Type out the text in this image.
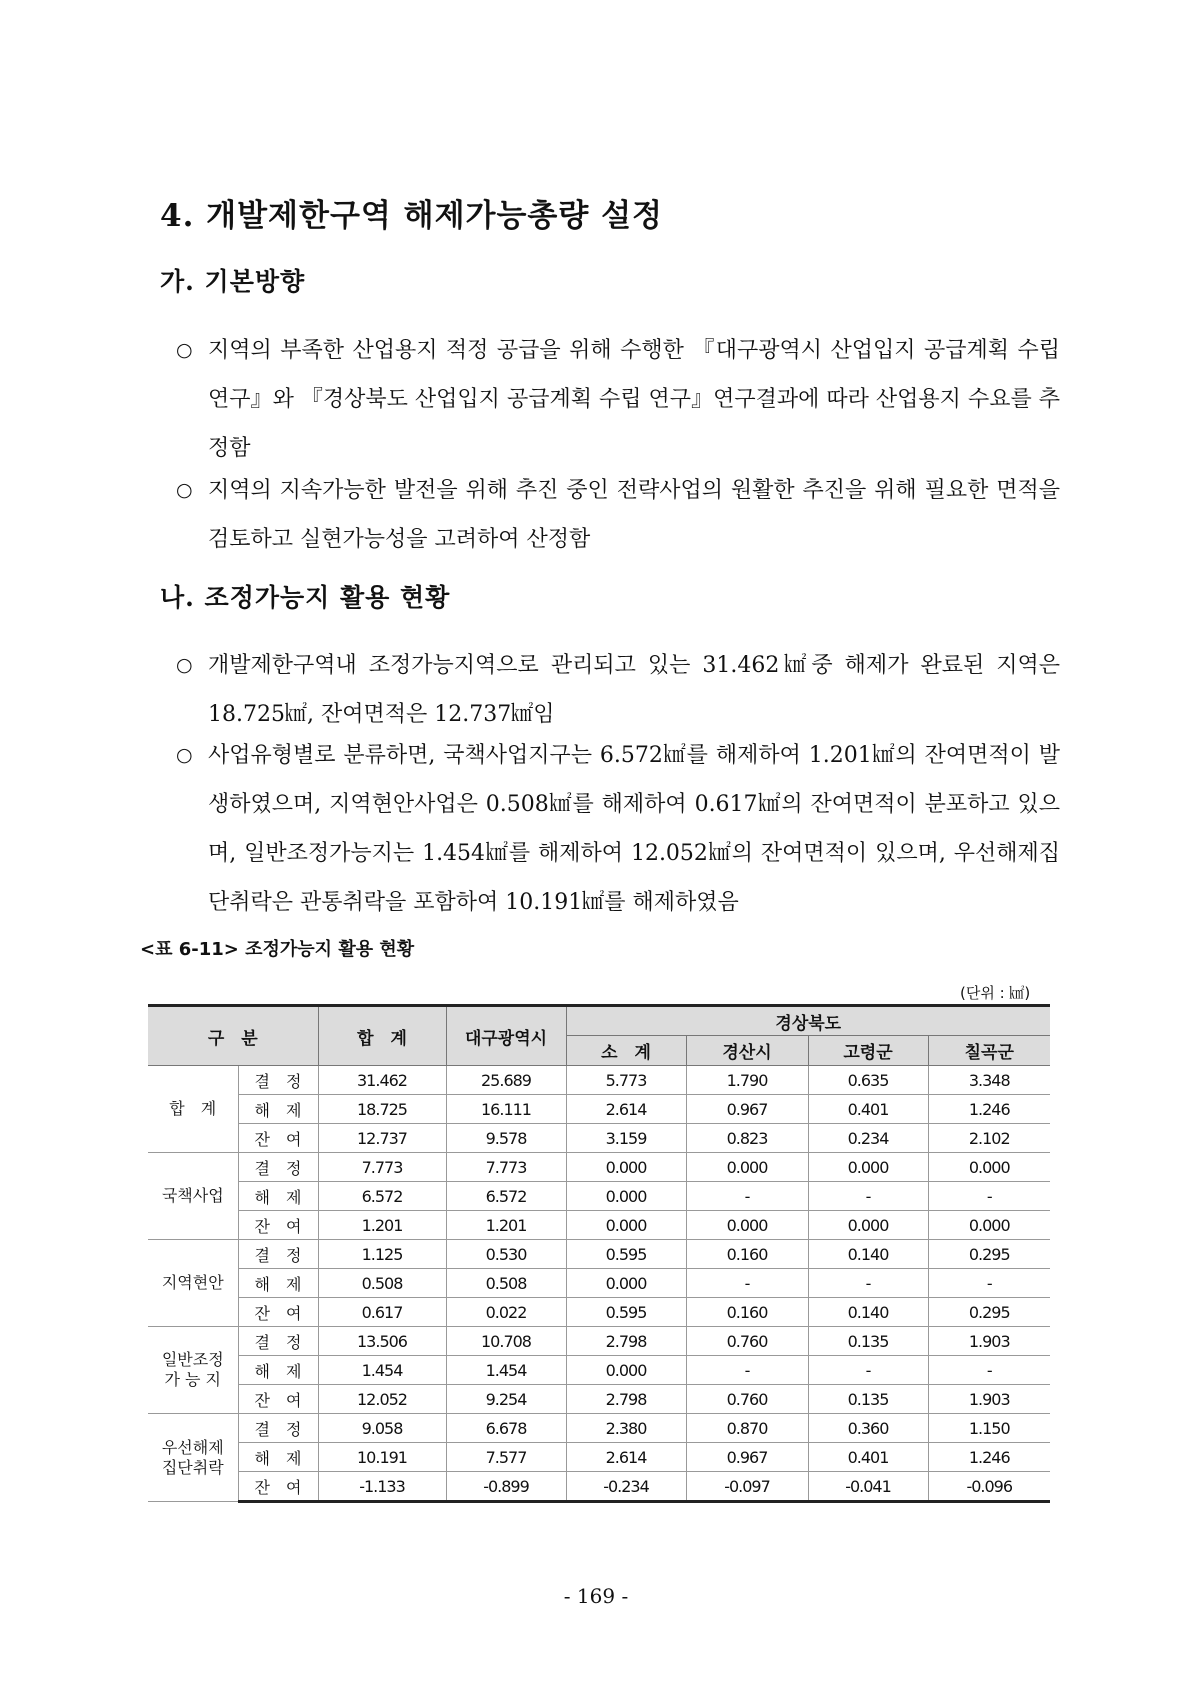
4. 개발제한구역 해제가능총량 설정
가. 기본방향

○ 지역의 부족한 산업용지 적정 공급을 위해 수행한 『대구광역시 산업입지 공급계획 수립 연구』와 『경상북도 산업입지 공급계획 수립 연구』연구결과에 따라 산업용지 수요를 추정함

○ 지역의 지속가능한 발전을 위해 추진 중인 전략사업의 원활한 추진을 위해 필요한 면적을 검토하고 실현가능성을 고려하여 산정함

나. 조정가능지 활용 현황

○ 개발제한구역내 조정가능지역으로 관리되고 있는 31.462㎢중 해제가 완료된 지역은 18.725㎢, 잔여면적은 12.737㎢임

○ 사업유형별로 분류하면, 국책사업지구는 6.572㎢를 해제하여 1.201㎢의 잔여면적이 발생하였으며, 지역현안사업은 0.508㎢를 해제하여 0.617㎢의 잔여면적이 분포하고 있으며, 일반조정가능지는 1.454㎢를 해제하여 12.052㎢의 잔여면적이 있으며, 우선해제집단취락은 관통취락을 포함하여 10.191㎢를 해제하였음

<표 6-11> 조정가능지 활용 현황
(단위 : ㎢)
구　분		합　계	대구광역시	경상북도			
				소　계	경산시	고령군	칠곡군
합　계	결　정	31.462	25.689	5.773	1.790	0.635	3.348
	해　제	18.725	16.111	2.614	0.967	0.401	1.246
	잔　여	12.737	9.578	3.159	0.823	0.234	2.102
국책사업	결　정	7.773	7.773	0.000	0.000	0.000	0.000
	해　제	6.572	6.572	0.000	-	-	-
	잔　여	1.201	1.201	0.000	0.000	0.000	0.000
지역현안	결　정	1.125	0.530	0.595	0.160	0.140	0.295
	해　제	0.508	0.508	0.000	-	-	-
	잔　여	0.617	0.022	0.595	0.160	0.140	0.295
일반조정
가 능 지	결　정	13.506	10.708	2.798	0.760	0.135	1.903
	해　제	1.454	1.454	0.000	-	-	-
	잔　여	12.052	9.254	2.798	0.760	0.135	1.903
우선해제
집단취락	결　정	9.058	6.678	2.380	0.870	0.360	1.150
	해　제	10.191	7.577	2.614	0.967	0.401	1.246
	잔　여	-1.133	-0.899	-0.234	-0.097	-0.041	-0.096
- 169 -
